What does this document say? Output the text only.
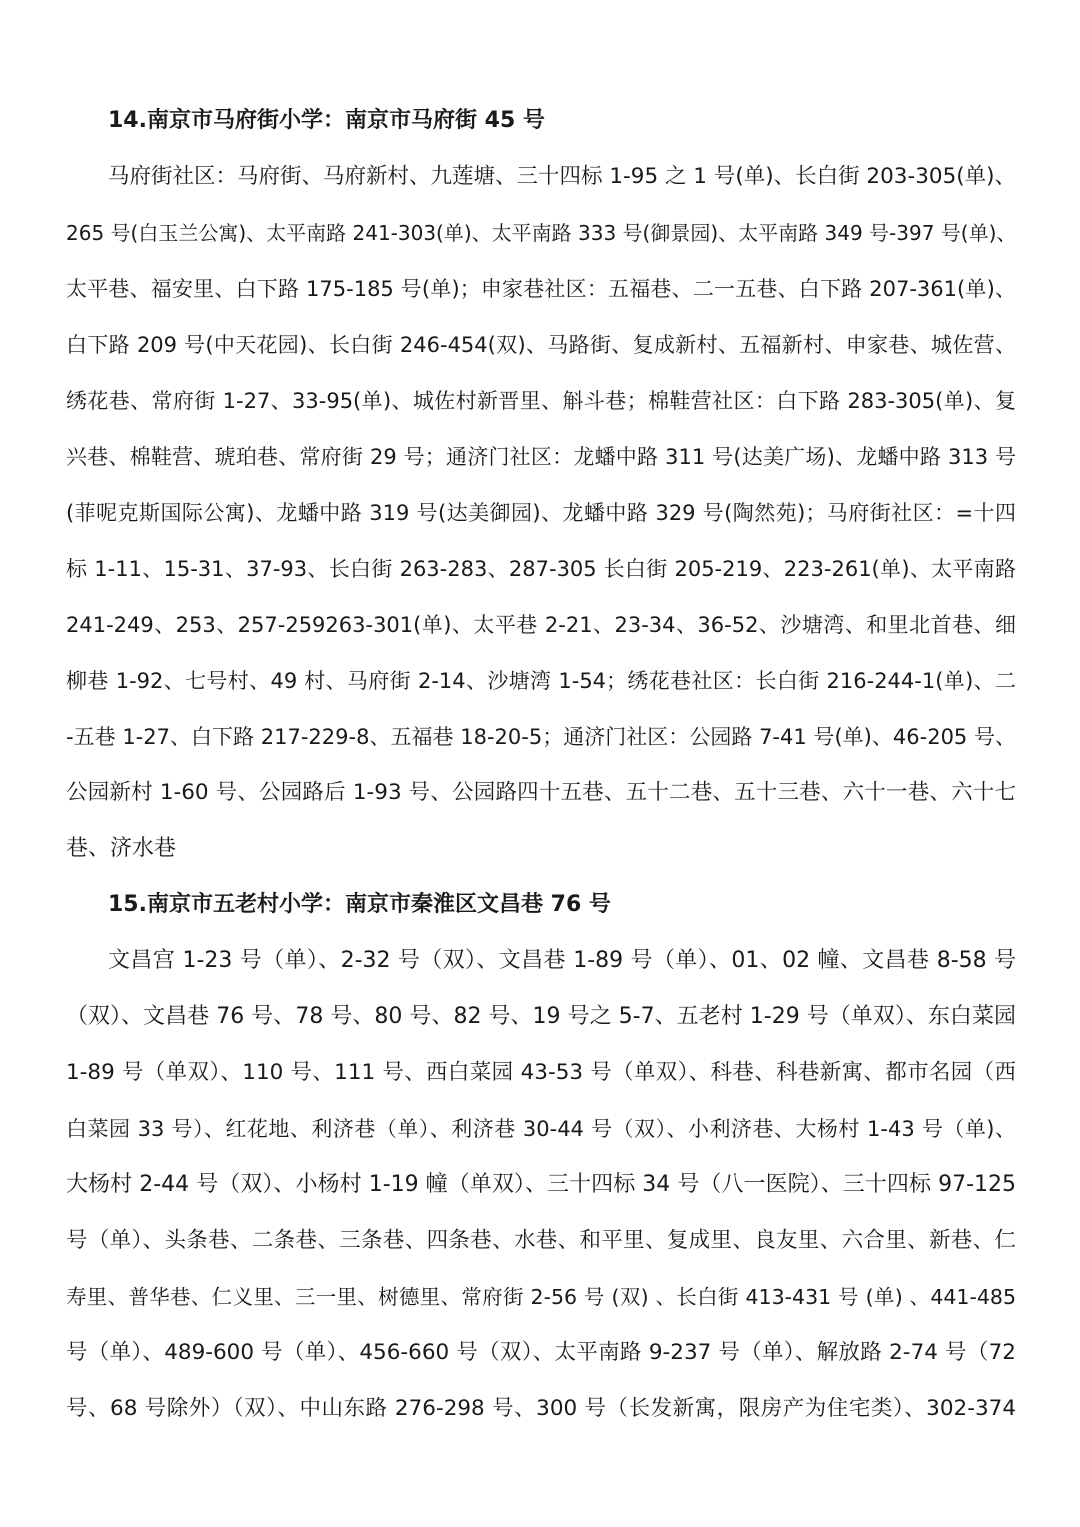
14.南京市马府街小学：南京市马府街 45 号
马府街社区：马府街、马府新村、九莲塘、三十四标 1-95 之 1 号(单)、长白街 203-305(单)、
265 号(白玉兰公寓)、太平南路 241-303(单)、太平南路 333 号(御景园)、太平南路 349 号-397 号(单)、
太平巷、福安里、白下路 175-185 号(单)；申家巷社区：五福巷、二一五巷、白下路 207-361(单)、
白下路 209 号(中天花园)、长白街 246-454(双)、马路街、复成新村、五福新村、申家巷、城佐营、
绣花巷、常府街 1-27、33-95(单)、城佐村新晋里、斛斗巷；棉鞋营社区：白下路 283-305(单)、复
兴巷、棉鞋营、琥珀巷、常府街 29 号；通济门社区：龙蟠中路 311 号(达美广场)、龙蟠中路 313 号
(菲呢克斯国际公寓)、龙蟠中路 319 号(达美御园)、龙蟠中路 329 号(陶然苑)；马府街社区：=十四
标 1-11、15-31、37-93、长白街 263-283、287-305 长白街 205-219、223-261(单)、太平南路
241-249、253、257-259263-301(单)、太平巷 2-21、23-34、36-52、沙塘湾、和里北首巷、细
柳巷 1-92、七号村、49 村、马府街 2-14、沙塘湾 1-54；绣花巷社区：长白街 216-244-1(单)、二
-五巷 1-27、白下路 217-229-8、五福巷 18-20-5；通济门社区：公园路 7-41 号(单)、46-205 号、
公园新村 1-60 号、公园路后 1-93 号、公园路四十五巷、五十二巷、五十三巷、六十一巷、六十七
巷、济水巷
15.南京市五老村小学：南京市秦淮区文昌巷 76 号
文昌宫 1-23 号（单）、2-32 号（双）、文昌巷 1-89 号（单）、01、02 幢、文昌巷 8-58 号
（双）、文昌巷 76 号、78 号、80 号、82 号、19 号之 5-7、五老村 1-29 号（单双）、东白菜园
1-89 号（单双）、110 号、111 号、西白菜园 43-53 号（单双）、科巷、科巷新寓、都市名园（西
白菜园 33 号）、红花地、利济巷（单）、利济巷 30-44 号（双）、小利济巷、大杨村 1-43 号（单)、
大杨村 2-44 号（双）、小杨村 1-19 幢（单双）、三十四标 34 号（八一医院）、三十四标 97-125
号（单）、头条巷、二条巷、三条巷、四条巷、水巷、和平里、复成里、良友里、六合里、新巷、仁
寿里、普华巷、仁义里、三一里、树德里、常府街 2-56 号 (双) 、长白街 413-431 号 (单) 、441-485
号（单）、489-600 号（单）、456-660 号（双）、太平南路 9-237 号（单）、解放路 2-74 号（72
号、68 号除外）（双）、中山东路 276-298 号、300 号（长发新寓，限房产为住宅类）、302-374
